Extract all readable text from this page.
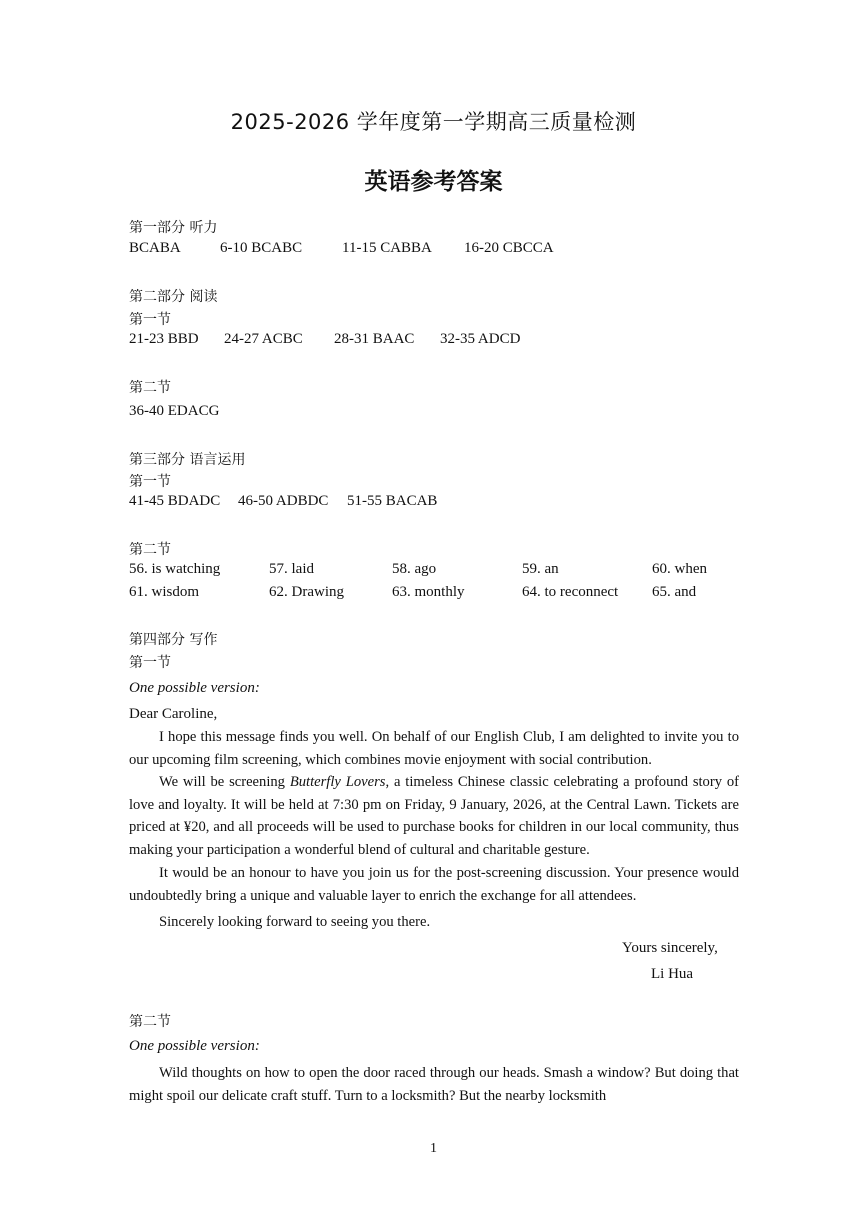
2025-2026 学年度第一学期高三质量检测
英语参考答案
第一部分 听力
BCABA	6-10 BCABC	11-15 CABBA 16-20 CBCCA
第二部分 阅读
第一节
21-23 BBD 24-27 ACBC 28-31 BAAC 32-35 ADCD
第二节
36-40 EDACG
第三部分 语言运用
第一节
41-45 BDADC 46-50 ADBDC 51-55 BACAB
第二节
56. is watching	57. laid	58. ago	59. an	60. when
61. wisdom	62. Drawing	63. monthly	64. to reconnect 65. and
第四部分 写作
第一节
One possible version:
Dear Caroline,
I hope this message finds you well. On behalf of our English Club, I am delighted to invite you to our upcoming film screening, which combines movie enjoyment with social contribution.
We will be screening Butterfly Lovers, a timeless Chinese classic celebrating a profound story of love and loyalty. It will be held at 7:30 pm on Friday, 9 January, 2026, at the Central Lawn. Tickets are priced at ¥20, and all proceeds will be used to purchase books for children in our local community, thus making your participation a wonderful blend of cultural and charitable gesture.
It would be an honour to have you join us for the post-screening discussion. Your presence would undoubtedly bring a unique and valuable layer to enrich the exchange for all attendees.
Sincerely looking forward to seeing you there.
Yours sincerely,
Li Hua
第二节
One possible version:
Wild thoughts on how to open the door raced through our heads. Smash a window? But doing that might spoil our delicate craft stuff. Turn to a locksmith? But the nearby locksmith
1
